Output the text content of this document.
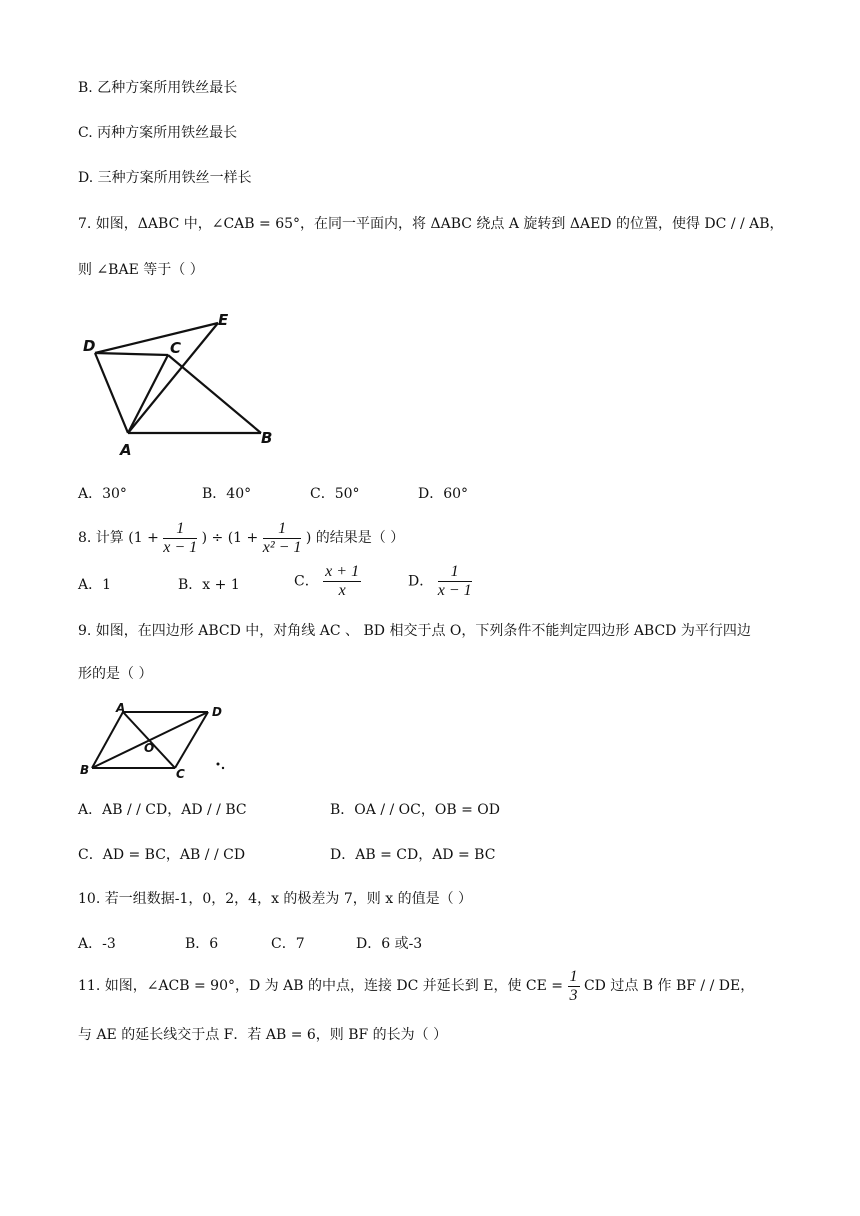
B. 乙种方案所用铁丝最长
C. 丙种方案所用铁丝最长
D. 三种方案所用铁丝一样长
7. 如图，ΔABC 中，∠CAB = 65°，在同一平面内，将 ΔABC 绕点 A 旋转到 ΔAED 的位置，使得 DC / / AB，
则 ∠BAE 等于（ ）
D	C
E
A
B
A．30°	B．40°	C．50°	D．60°
8. 计算 ($1 + \frac{1}{x - 1}$ ) ÷ ($1 + \frac{1}{\text{x² − 1}}$ ) 的结果是（ ）
A．1	B．x + 1	C． $\frac{x + 1}{x}$	D． $\frac{1}{x - 1}$
9. 如图，在四边形 ABCD 中，对角线 AC 、 BD 相交于点 O，下列条件不能判定四边形 ABCD 为平行四边
形的是（ ）
A	D
B	C
O
A．AB / / CD，AD / / BC	B．OA / / OC，OB = OD
C．AD = BC，AB / / CD	D．AB = CD，AD = BC
10. 若一组数据-1，0，2，4，x 的极差为 7，则 x 的值是（ ）
A．-3	B．6	C．7	D．6 或-3
11. 如图，∠ACB = 90°，D 为 AB 的中点，连接 DC 并延长到 E，使 CE = $\frac{1}{3}$ CD 过点 B 作 BF / / DE，
与 AE 的延长线交于点 F．若 AB = 6，则 BF 的长为（ ）
